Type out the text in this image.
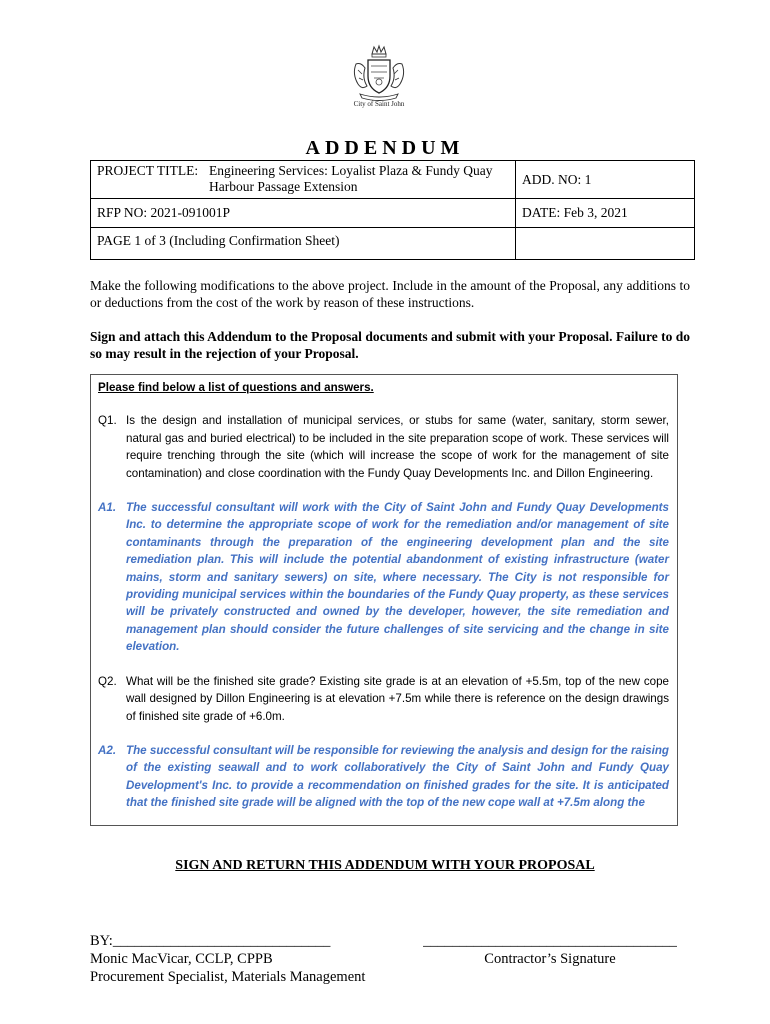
City of Saint John
ADDENDUM
PROJECT TITLE: Engineering Services: Loyalist Plaza & Fundy Quay
Harbour Passage Extension	ADD. NO: 1
RFP NO: 2021-091001P	DATE: Feb 3, 2021
PAGE 1 of 3 (Including Confirmation Sheet)	
Make the following modifications to the above project. Include in the amount of the Proposal, any additions to or deductions from the cost of the work by reason of these instructions.
Sign and attach this Addendum to the Proposal documents and submit with your Proposal. Failure to do so may result in the rejection of your Proposal.
Please find below a list of questions and answers.
Q1. Is the design and installation of municipal services, or stubs for same (water, sanitary, storm sewer, natural gas and buried electrical) to be included in the site preparation scope of work. These services will require trenching through the site (which will increase the scope of work for the management of site contamination) and close coordination with the Fundy Quay Developments Inc. and Dillon Engineering.
A1. The successful consultant will work with the City of Saint John and Fundy Quay Developments Inc. to determine the appropriate scope of work for the remediation and/or management of site contaminants through the preparation of the engineering development plan and the site remediation plan. This will include the potential abandonment of existing infrastructure (water mains, storm and sanitary sewers) on site, where necessary. The City is not responsible for providing municipal services within the boundaries of the Fundy Quay property, as these services will be privately constructed and owned by the developer, however, the site remediation and management plan should consider the future challenges of site servicing and the change in site elevation.
Q2. What will be the finished site grade? Existing site grade is at an elevation of +5.5m, top of the new cope wall designed by Dillon Engineering is at elevation +7.5m while there is reference on the design drawings of finished site grade of +6.0m.
A2. The successful consultant will be responsible for reviewing the analysis and design for the raising of the existing seawall and to work collaboratively the City of Saint John and Fundy Quay Development's Inc. to provide a recommendation on finished grades for the site. It is anticipated that the finished site grade will be aligned with the top of the new cope wall at +7.5m along the
SIGN AND RETURN THIS ADDENDUM WITH YOUR PROPOSAL
BY:______________________________
Monic MacVicar, CCLP, CPPB
Procurement Specialist, Materials Management
___________________________________
Contractor’s Signature
